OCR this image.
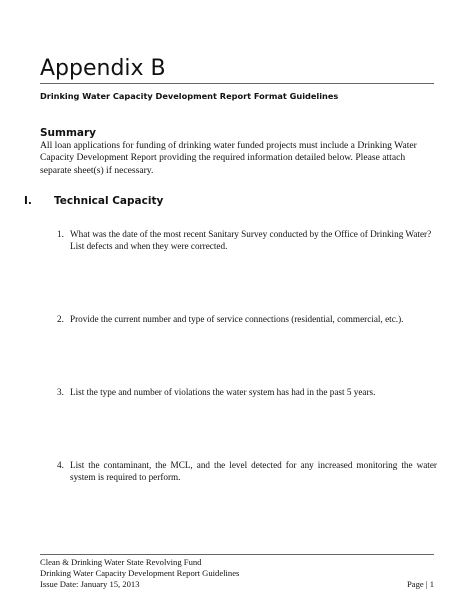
Appendix B
Drinking Water Capacity Development Report Format Guidelines
Summary
All loan applications for funding of drinking water funded projects must include a Drinking Water Capacity Development Report providing the required information detailed below. Please attach separate sheet(s) if necessary.
I.	Technical Capacity
1. What was the date of the most recent Sanitary Survey conducted by the Office of Drinking Water? List defects and when they were corrected.
2. Provide the current number and type of service connections (residential, commercial, etc.).
3. List the type and number of violations the water system has had in the past 5 years.
4. List the contaminant, the MCL, and the level detected for any increased monitoring the water system is required to perform.
Clean & Drinking Water State Revolving Fund
Drinking Water Capacity Development Report Guidelines
Issue Date: January 15, 2013	Page | 1
